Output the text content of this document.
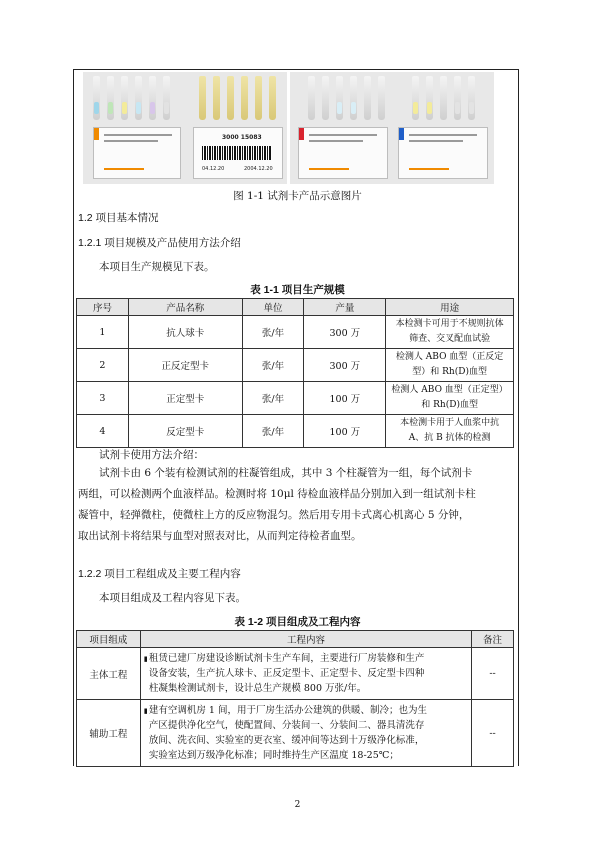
3000 15083
04.12.20	2004.12.20
图 1-1 试剂卡产品示意图片
1.2 项目基本情况
1.2.1 项目规模及产品使用方法介绍
本项目生产规模见下表。
表 1-1 项目生产规模
序号	产品名称	单位	产量	用途
1	抗人球卡	张/年	300 万	本检测卡可用于不规则抗体
筛查、交叉配血试验
2	正反定型卡	张/年	300 万	检测人 ABO 血型（正反定
型）和 Rh(D)血型
3	正定型卡	张/年	100 万	检测人 ABO 血型（正定型）
和 Rh(D)血型
4	反定型卡	张/年	100 万	本检测卡用于人血浆中抗
A、抗 B 抗体的检测
试剂卡使用方法介绍：
试剂卡由 6 个装有检测试剂的柱凝管组成，其中 3 个柱凝管为一组，每个试剂卡
两组，可以检测两个血液样品。检测时将 10μl 待检血液样品分别加入到一组试剂卡柱
凝管中，轻弹微柱，使微柱上方的反应物混匀。然后用专用卡式离心机离心 5 分钟，
取出试剂卡将结果与血型对照表对比，从而判定待检者血型。
1.2.2 项目工程组成及主要工程内容
本项目组成及工程内容见下表。
表 1-2 项目组成及工程内容
项目组成	工程内容	备注
主体工程	▮ 租赁已建厂房建设诊断试剂卡生产车间，主要进行厂房装修和生产
设备安装，生产抗人球卡、正反定型卡、正定型卡、反定型卡四种
柱凝集检测试剂卡，设计总生产规模 800 万张/年。	--
辅助工程	▮ 建有空调机房 1 间，用于厂房生活办公建筑的供暖、制冷；也为生
产区提供净化空气，使配置间、分装间一、分装间二、器具清洗存
放间、洗衣间、实验室的更衣室、缓冲间等达到十万级净化标准，
实验室达到万级净化标准；同时维持生产区温度 18-25℃；	--
2
